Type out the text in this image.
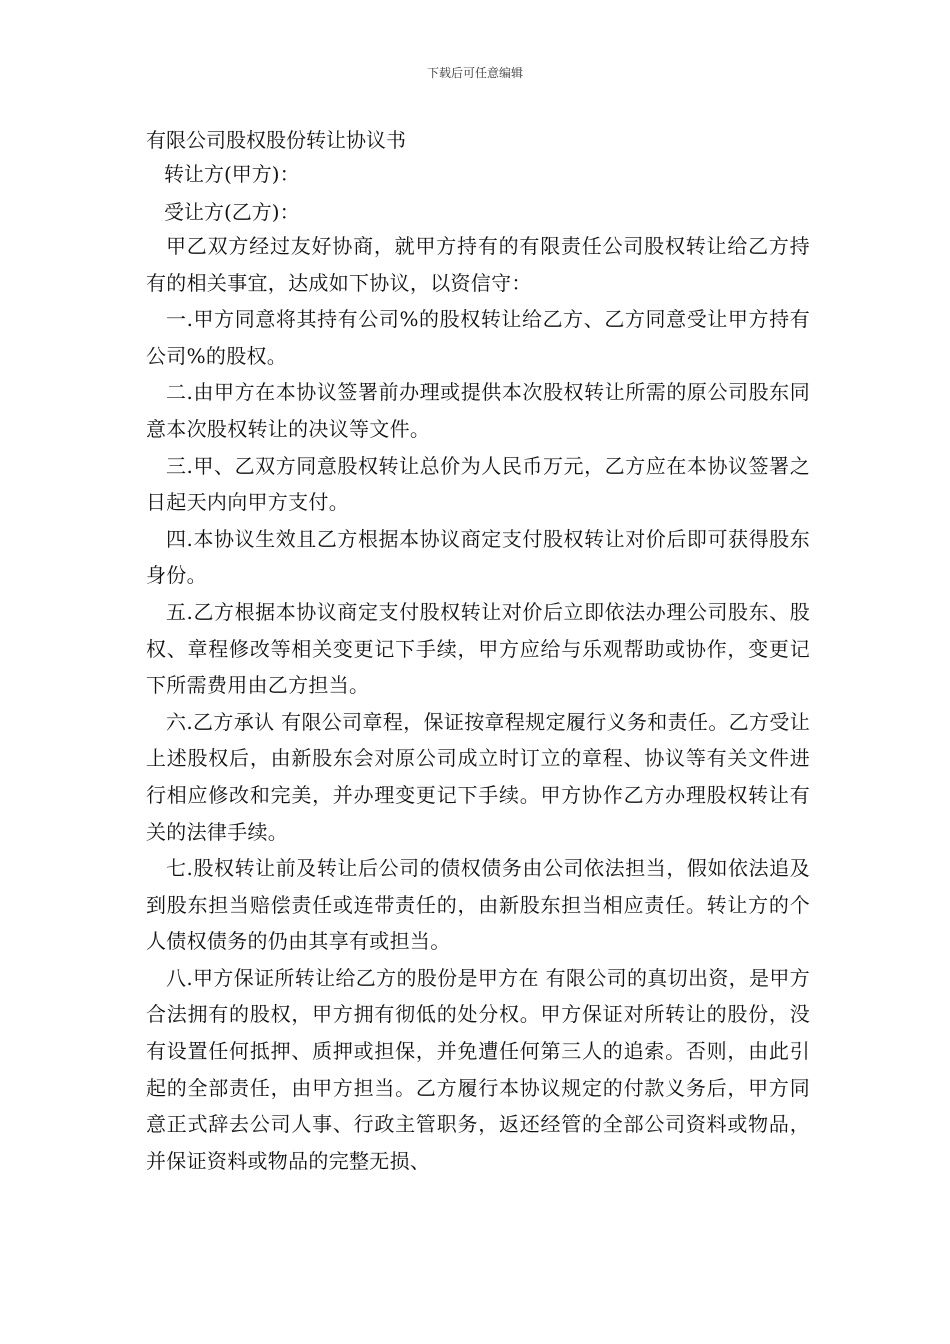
下载后可任意编辑
有限公司股权股份转让协议书
转让方(甲方)：
受让方(乙方)：

甲乙双方经过友好协商，就甲方持有的有限责任公司股权转让给乙方持有的相关事宜，达成如下协议，以资信守：

一.甲方同意将其持有公司%的股权转让给乙方、乙方同意受让甲方持有公司%的股权。

二.由甲方在本协议签署前办理或提供本次股权转让所需的原公司股东同意本次股权转让的决议等文件。

三.甲、乙双方同意股权转让总价为人民币万元，乙方应在本协议签署之日起天内向甲方支付。

四.本协议生效且乙方根据本协议商定支付股权转让对价后即可获得股东身份。

五.乙方根据本协议商定支付股权转让对价后立即依法办理公司股东、股权、章程修改等相关变更记下手续，甲方应给与乐观帮助或协作，变更记下所需费用由乙方担当。

六.乙方承认 有限公司章程，保证按章程规定履行义务和责任。乙方受让上述股权后，由新股东会对原公司成立时订立的章程、协议等有关文件进行相应修改和完美，并办理变更记下手续。甲方协作乙方办理股权转让有关的法律手续。

七.股权转让前及转让后公司的债权债务由公司依法担当，假如依法追及到股东担当赔偿责任或连带责任的，由新股东担当相应责任。转让方的个人债权债务的仍由其享有或担当。

八.甲方保证所转让给乙方的股份是甲方在 有限公司的真切出资，是甲方合法拥有的股权，甲方拥有彻低的处分权。甲方保证对所转让的股份，没有设置任何抵押、质押或担保，并免遭任何第三人的追索。否则，由此引起的全部责任，由甲方担当。乙方履行本协议规定的付款义务后，甲方同意正式辞去公司人事、行政主管职务，返还经管的全部公司资料或物品，并保证资料或物品的完整无损、
